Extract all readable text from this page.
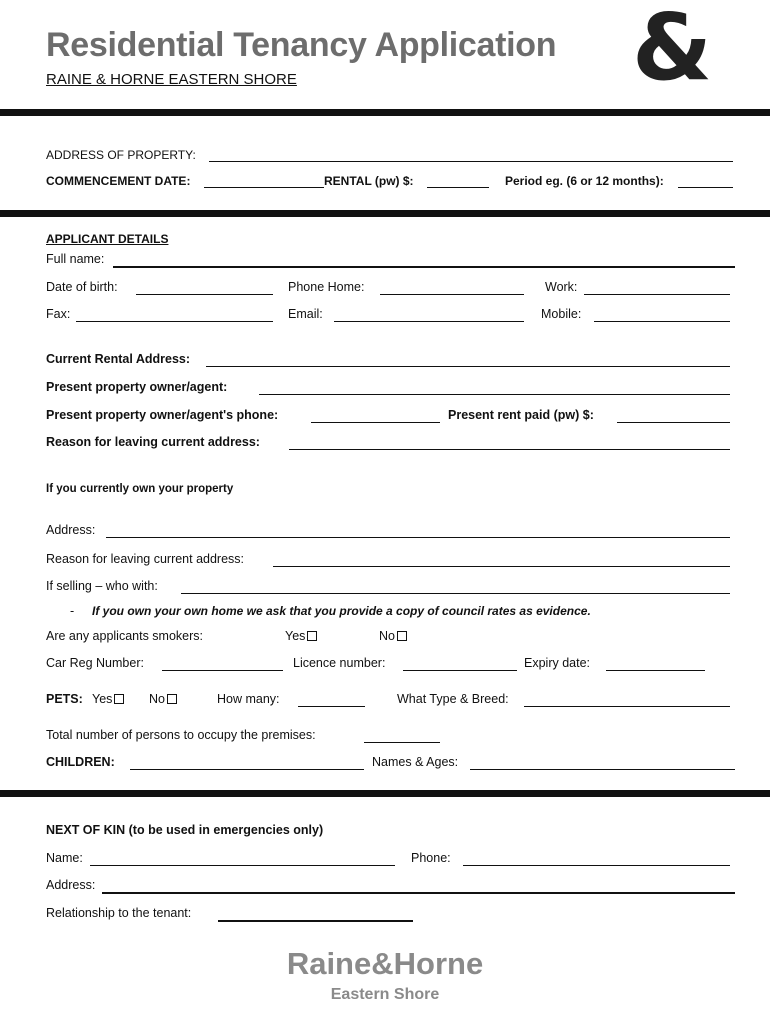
Residential Tenancy Application
RAINE & HORNE EASTERN SHORE	&
ADDRESS OF PROPERTY:
COMMENCEMENT DATE:	RENTAL (pw) $:	Period eg. (6 or 12 months):
APPLICANT DETAILS
Full name:
Date of birth:	Phone Home:	Work:
Fax:	Email:	Mobile:
Current Rental Address:
Present property owner/agent:
Present property owner/agent's phone:	Present rent paid (pw) $:
Reason for leaving current address:
If you currently own your property
Address:
Reason for leaving current address:
If selling – who with:
- If you own your own home we ask that you provide a copy of council rates as evidence.
Are any applicants smokers:	Yes	No
Car Reg Number:	Licence number:	Expiry date:
PETS: Yes	No	How many:	What Type & Breed:
Total number of persons to occupy the premises:
CHILDREN:	Names & Ages:
NEXT OF KIN (to be used in emergencies only)
Name:	Phone:
Address:
Relationship to the tenant:
Raine&Horne
Eastern Shore
